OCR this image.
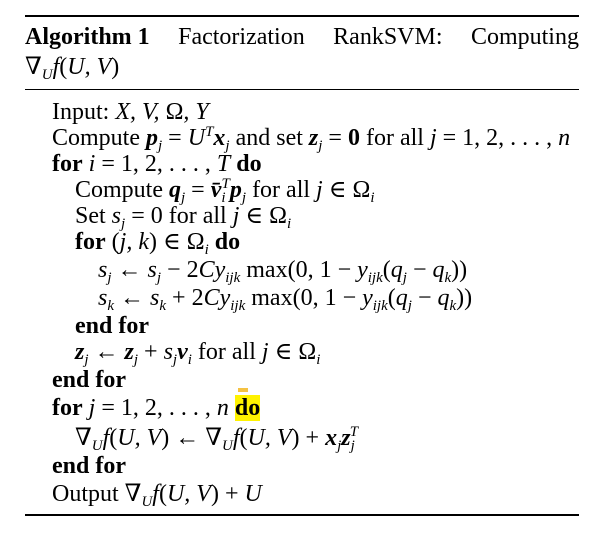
Algorithm 1 Factorization RankSVM: Computing
$\nabla_Uf(U$, V)
Input: X, V, Ω, Y
Compute $p_j = U^Tx_j$ and set $z_j = 0$ for all j = 1, 2, . . . , n
for i = 1, 2, . . . , T do
Compute $q_j$ = $v̄_i^Tp_j$ for all j ∈ $\Omega_i$
Set $s_j = 0$ for all j ∈ $\Omega_i$
for (j, k) ∈ $\Omega_i$ do
$s_j$ ← $s_j - 2Cy_{ijk}$ max(0, $1 - y_{ijk}(q_j - q_k)$)
$s_k$ ← $s_k + 2Cy_{ijk}$ max(0, $1 - y_{ijk}(q_j - q_k)$)
end for
$z_j$ ← $z_j + s_jv_i$ for all j ∈ $\Omega_i$
end for
for j = 1, 2, . . . , n do
$\nabla_Uf(U$, V) ← $\nabla_Uf(U$, $V) + x_jz_j^T$
end for
Output $\nabla_Uf(U$, V) + U
